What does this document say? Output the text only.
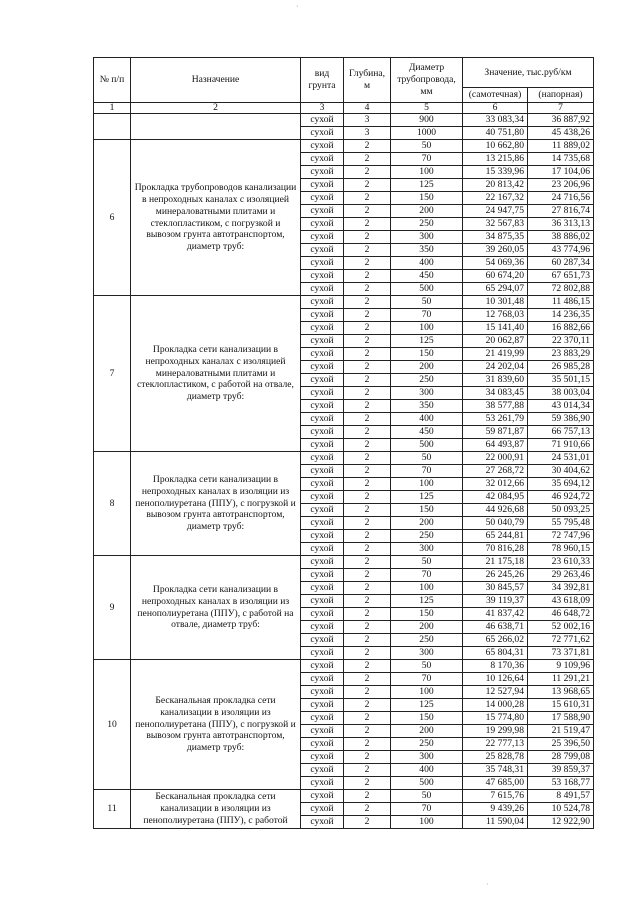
·
·
№ п/п	Назначение	вид грунта	Глубина, м	Диаметр трубопровода, мм	Значение, тыс.руб/км	
					(самотечная)	(напорная)
1	2	3	4	5	6	7
		сухой	3	900	33 083,34	36 887,92
		сухой	3	1000	40 751,80	45 438,26
6	Прокладка трубопроводов канализации в непроходных каналах с изоляцией минераловатными плитами и стеклопластиком, с погрузкой и вывозом грунта автотранспортом, диаметр труб:	сухой	2	50	10 662,80	11 889,02
		сухой	2	70	13 215,86	14 735,68
		сухой	2	100	15 339,96	17 104,06
		сухой	2	125	20 813,42	23 206,96
		сухой	2	150	22 167,32	24 716,56
		сухой	2	200	24 947,75	27 816,74
		сухой	2	250	32 567,83	36 313,13
		сухой	2	300	34 875,35	38 886,02
		сухой	2	350	39 260,05	43 774,96
		сухой	2	400	54 069,36	60 287,34
		сухой	2	450	60 674,20	67 651,73
		сухой	2	500	65 294,07	72 802,88
7	Прокладка сети канализации в непроходных каналах с изоляцией минераловатными плитами и стеклопластиком, с работой на отвале, диаметр труб:	сухой	2	50	10 301,48	11 486,15
		сухой	2	70	12 768,03	14 236,35
		сухой	2	100	15 141,40	16 882,66
		сухой	2	125	20 062,87	22 370,11
		сухой	2	150	21 419,99	23 883,29
		сухой	2	200	24 202,04	26 985,28
		сухой	2	250	31 839,60	35 501,15
		сухой	2	300	34 083,45	38 003,04
		сухой	2	350	38 577,88	43 014,34
		сухой	2	400	53 261,79	59 386,90
		сухой	2	450	59 871,87	66 757,13
		сухой	2	500	64 493,87	71 910,66
8	Прокладка сети канализации в непроходных каналах в изоляции из пенополиуретана (ППУ), с погрузкой и вывозом грунта автотранспортом, диаметр труб:	сухой	2	50	22 000,91	24 531,01
		сухой	2	70	27 268,72	30 404,62
		сухой	2	100	32 012,66	35 694,12
		сухой	2	125	42 084,95	46 924,72
		сухой	2	150	44 926,68	50 093,25
		сухой	2	200	50 040,79	55 795,48
		сухой	2	250	65 244,81	72 747,96
		сухой	2	300	70 816,28	78 960,15
9	Прокладка сети канализации в непроходных каналах в изоляции из пенополиуретана (ППУ), с работой на отвале, диаметр труб:	сухой	2	50	21 175,18	23 610,33
		сухой	2	70	26 245,26	29 263,46
		сухой	2	100	30 845,57	34 392,81
		сухой	2	125	39 119,37	43 618,09
		сухой	2	150	41 837,42	46 648,72
		сухой	2	200	46 638,71	52 002,16
		сухой	2	250	65 266,02	72 771,62
		сухой	2	300	65 804,31	73 371,81
10	Бесканальная прокладка сети канализации в изоляции из пенополиуретана (ППУ), с погрузкой и вывозом грунта автотранспортом, диаметр труб:	сухой	2	50	8 170,36	9 109,96
		сухой	2	70	10 126,64	11 291,21
		сухой	2	100	12 527,94	13 968,65
		сухой	2	125	14 000,28	15 610,31
		сухой	2	150	15 774,80	17 588,90
		сухой	2	200	19 299,98	21 519,47
		сухой	2	250	22 777,13	25 396,50
		сухой	2	300	25 828,78	28 799,08
		сухой	2	400	35 748,31	39 859,37
		сухой	2	500	47 685,00	53 168,77
11	Бесканальная прокладка сети канализации в изоляции из пенополиуретана (ППУ), с работой	сухой	2	50	7 615,76	8 491,57
		сухой	2	70	9 439,26	10 524,78
		сухой	2	100	11 590,04	12 922,90
